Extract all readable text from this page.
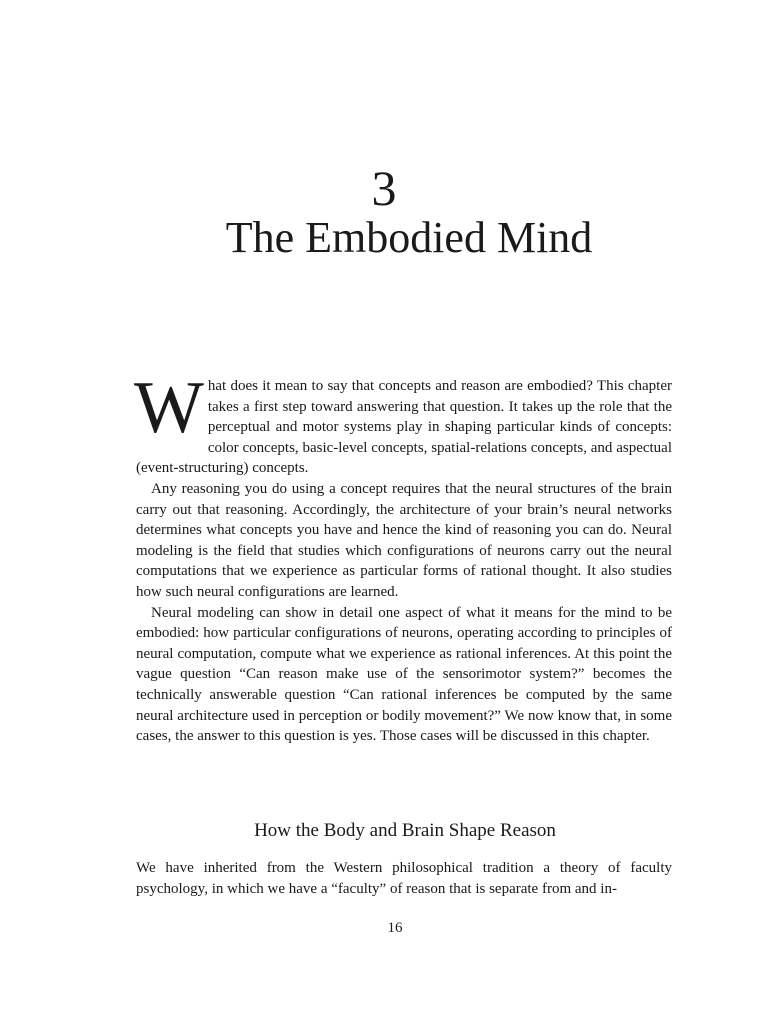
3
The Embodied Mind

What does it mean to say that concepts and reason are embodied? This chapter takes a first step toward answering that question. It takes up the role that the perceptual and motor systems play in shaping particular kinds of concepts: color concepts, basic-level concepts, spatial-relations concepts, and aspectual (event-structuring) concepts.

Any reasoning you do using a concept requires that the neural structures of the brain carry out that reasoning. Accordingly, the architecture of your brain’s neural networks determines what concepts you have and hence the kind of reasoning you can do. Neural modeling is the field that studies which configurations of neurons carry out the neural computations that we experience as particular forms of rational thought. It also studies how such neural configurations are learned.

Neural modeling can show in detail one aspect of what it means for the mind to be embodied: how particular configurations of neurons, operating according to principles of neural computation, compute what we experience as rational inferences. At this point the vague question “Can reason make use of the sensorimotor system?” becomes the technically answerable question “Can rational inferences be computed by the same neural architecture used in perception or bodily movement?” We now know that, in some cases, the answer to this question is yes. Those cases will be discussed in this chapter.

How the Body and Brain Shape Reason

We have inherited from the Western philosophical tradition a theory of faculty psychology, in which we have a “faculty” of reason that is separate from and in-

16
